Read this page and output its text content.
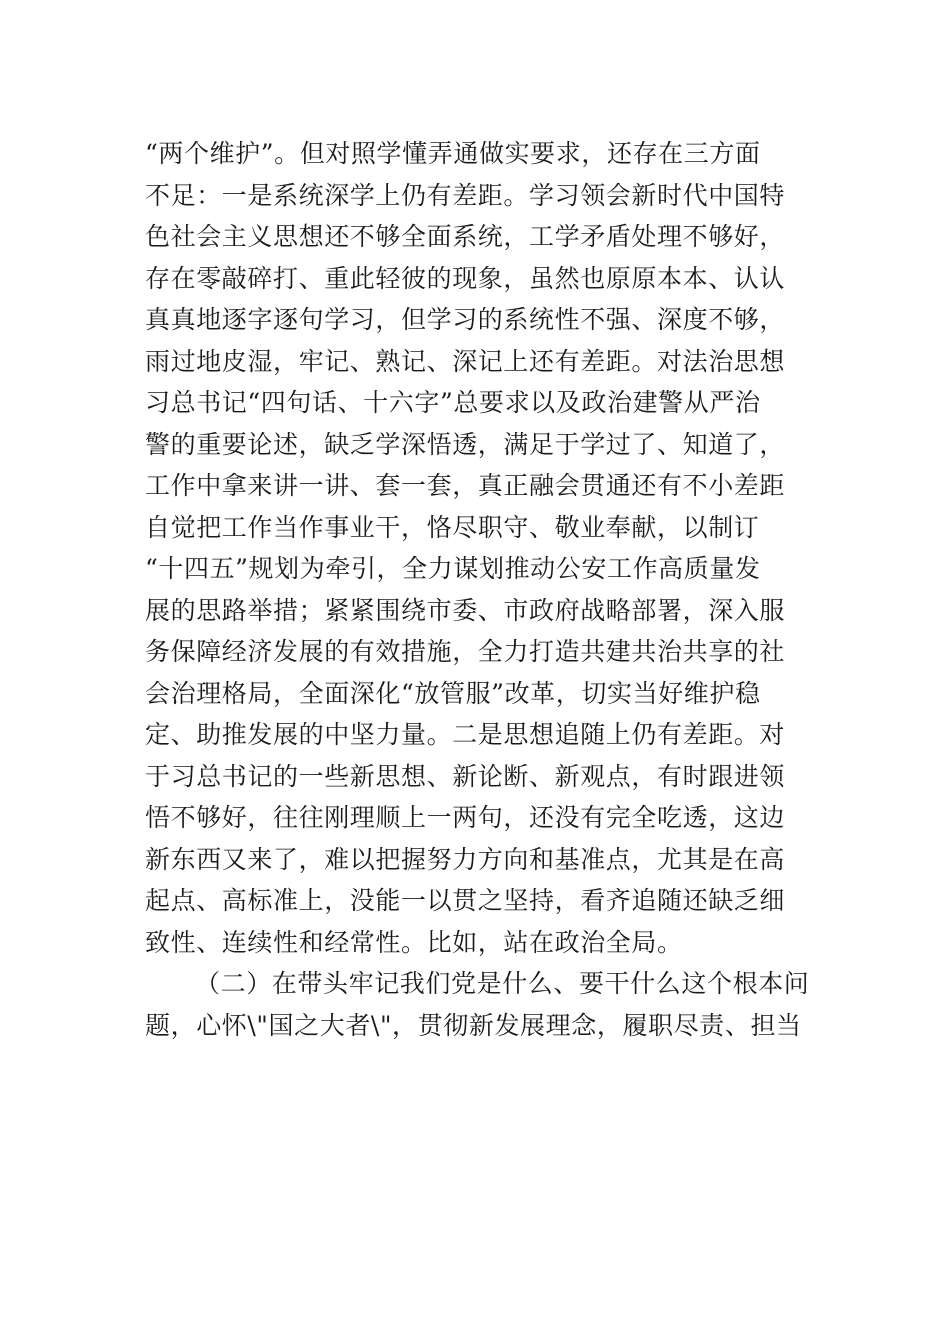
“两个维护”。但对照学懂弄通做实要求，还存在三方面
不足：一是系统深学上仍有差距。学习领会新时代中国特
色社会主义思想还不够全面系统，工学矛盾处理不够好，
存在零敲碎打、重此轻彼的现象，虽然也原原本本、认认
真真地逐字逐句学习，但学习的系统性不强、深度不够，
雨过地皮湿，牢记、熟记、深记上还有差距。对法治思想
习总书记“四句话、十六字”总要求以及政治建警从严治
警的重要论述，缺乏学深悟透，满足于学过了、知道了，
工作中拿来讲一讲、套一套，真正融会贯通还有不小差距
自觉把工作当作事业干，恪尽职守、敬业奉献，以制订
“十四五”规划为牵引，全力谋划推动公安工作高质量发
展的思路举措；紧紧围绕市委、市政府战略部署，深入服
务保障经济发展的有效措施，全力打造共建共治共享的社
会治理格局，全面深化“放管服”改革，切实当好维护稳
定、助推发展的中坚力量。二是思想追随上仍有差距。对
于习总书记的一些新思想、新论断、新观点，有时跟进领
悟不够好，往往刚理顺上一两句，还没有完全吃透，这边
新东西又来了，难以把握努力方向和基准点，尤其是在高
起点、高标准上，没能一以贯之坚持，看齐追随还缺乏细
致性、连续性和经常性。比如，站在政治全局。
（二）在带头牢记我们党是什么、要干什么这个根本问
题，心怀\"国之大者\"，贯彻新发展理念，履职尽责、担当
